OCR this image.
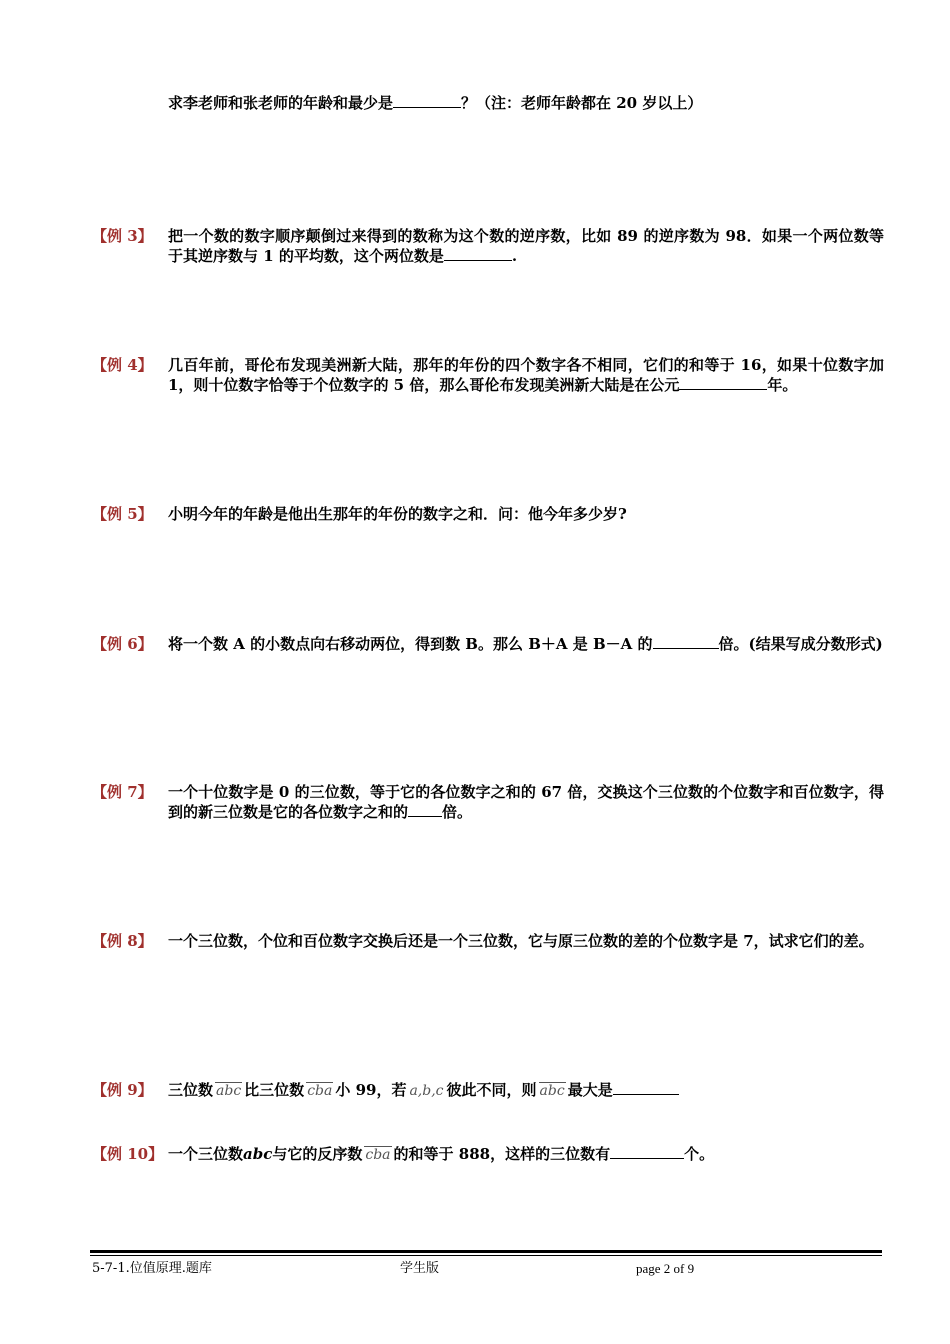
求李老师和张老师的年龄和最少是	？（注：老师年龄都在 20 岁以上）
【例 3】	把一个数的数字顺序颠倒过来得到的数称为这个数的逆序数，比如 89 的逆序数为 98．如果一个两位数等于其逆序数与 1 的平均数，这个两位数是	.
【例 4】	几百年前，哥伦布发现美洲新大陆，那年的年份的四个数字各不相同，它们的和等于 16，如果十位数字加 1，则十位数字恰等于个位数字的 5 倍，那么哥伦布发现美洲新大陆是在公元	年。
【例 5】	小明今年的年龄是他出生那年的年份的数字之和．问：他今年多少岁?
【例 6】	将一个数 A 的小数点向右移动两位，得到数 B。那么 B＋A 是 B－A 的	倍。(结果写成分数形式)
【例 7】	一个十位数字是 0 的三位数，等于它的各位数字之和的 67 倍，交换这个三位数的个位数字和百位数字，得到的新三位数是它的各位数字之和的 倍。
【例 8】	一个三位数，个位和百位数字交换后还是一个三位数，它与原三位数的差的个位数字是 7，试求它们的差。
【例 9】	三位数 abc 比三位数 cba 小 99，若 a,b,c 彼此不同，则 abc 最大是
【例 10】 一个三位数abc与它的反序数 cba 的和等于 888，这样的三位数有	个。
5-7-1.位值原理.题库	学生版	page 2 of 9
